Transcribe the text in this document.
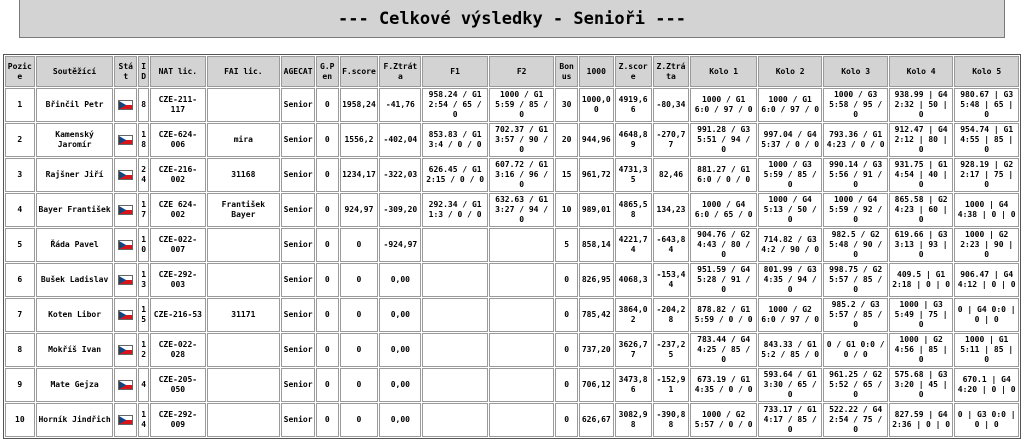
--- Celkové výsledky - Senioři ---
Pozice	Soutěžící	Stát	ID	NAT lic.	FAI lic.	AGECAT	G.Pen	F.score	F.Ztráta	F1	F2	Bonus	1000	Z.score	Z.Ztráta	Kolo 1	Kolo 2	Kolo 3	Kolo 4	Kolo 5
1	Břinčil Petr		8	CZE-211-117		Senior	0	1958,24	-41,76	958.24 / G1 2:54 / 65 / 0	1000 / G1 5:59 / 85 / 0	30	1000,00	4919,66	-80,34	1000 / G1 6:0 / 97 / 0	1000 / G1 6:0 / 97 / 0	1000 / G3 5:58 / 95 / 0	938.99 | G4 2:32 | 50 | 0	980.67 | G3 5:48 | 65 | 0
2	Kamenský Jaromír		18	CZE-624-006	mira	Senior	0	1556,2	-402,04	853.83 / G1 3:4 / 0 / 0	702.37 / G1 3:57 / 90 / 0	20	944,96	4648,89	-270,77	991.28 / G3 5:51 / 94 / 0	997.04 / G4 5:37 / 0 / 0	793.36 / G1 4:23 / 0 / 0	912.47 | G4 2:12 | 80 | 0	954.74 | G1 4:55 | 85 | 0
3	Rajšner Jiří		24	CZE-216-002	31168	Senior	0	1234,17	-322,03	626.45 / G1 2:15 / 0 / 0	607.72 / G1 3:16 / 96 / 0	15	961,72	4731,35	82,46	881.27 / G1 6:0 / 0 / 0	1000 / G3 5:59 / 85 / 0	990.14 / G3 5:56 / 91 / 0	931.75 | G1 4:54 | 40 | 0	928.19 | G2 2:17 | 75 | 0
4	Bayer František		17	CZE 624-002	František Bayer	Senior	0	924,97	-309,20	292.34 / G1 1:3 / 0 / 0	632.63 / G1 3:27 / 94 / 0	10	989,01	4865,58	134,23	1000 / G4 6:0 / 65 / 0	1000 / G4 5:13 / 50 / 0	1000 / G4 5:59 / 92 / 0	865.58 | G2 4:23 | 60 | 0	1000 | G4 4:38 | 0 | 0
5	Řáda Pavel		10	CZE-022-007		Senior	0	0	-924,97			5	858,14	4221,74	-643,84	904.76 / G2 4:43 / 80 / 0	714.82 / G3 4:2 / 90 / 0	982.5 / G2 5:48 / 90 / 0	619.66 | G3 3:13 | 93 | 0	1000 | G2 2:23 | 90 | 0
6	Bušek Ladislav		13	CZE-292-003		Senior	0	0	0,00			0	826,95	4068,3	-153,44	951.59 / G4 5:28 / 91 / 0	801.99 / G3 4:35 / 94 / 0	998.75 / G2 5:57 / 85 / 0	409.5 | G1 2:18 | 0 | 0	906.47 | G4 4:12 | 0 | 0
7	Koten Libor		15	CZE-216-53	31171	Senior	0	0	0,00			0	785,42	3864,02	-204,28	878.82 / G1 5:59 / 0 / 0	1000 / G2 6:0 / 97 / 0	985.2 / G3 5:57 / 85 / 0	1000 | G3 5:49 | 75 | 0	0 | G4 0:0 | 0 | 0
8	Mokříš Ivan		12	CZE-022-028		Senior	0	0	0,00			0	737,20	3626,77	-237,25	783.44 / G4 4:25 / 85 / 0	843.33 / G1 5:2 / 85 / 0	0 / G1 0:0 / 0 / 0	1000 | G2 4:56 | 85 | 0	1000 | G1 5:11 | 85 | 0
9	Mate Gejza		4	CZE-205-050		Senior	0	0	0,00			0	706,12	3473,86	-152,91	673.19 / G1 4:35 / 0 / 0	593.64 / G1 3:30 / 65 / 0	961.25 / G2 5:52 / 65 / 0	575.68 | G3 3:20 | 45 | 0	670.1 | G4 4:20 | 0 | 0
10	Horník Jindřich		14	CZE-292-009		Senior	0	0	0,00			0	626,67	3082,98	-390,88	1000 / G2 5:57 / 0 / 0	733.17 / G1 4:17 / 85 / 0	522.22 / G4 2:54 / 75 / 0	827.59 | G4 2:36 | 0 | 0	0 | G3 0:0 | 0 | 0
